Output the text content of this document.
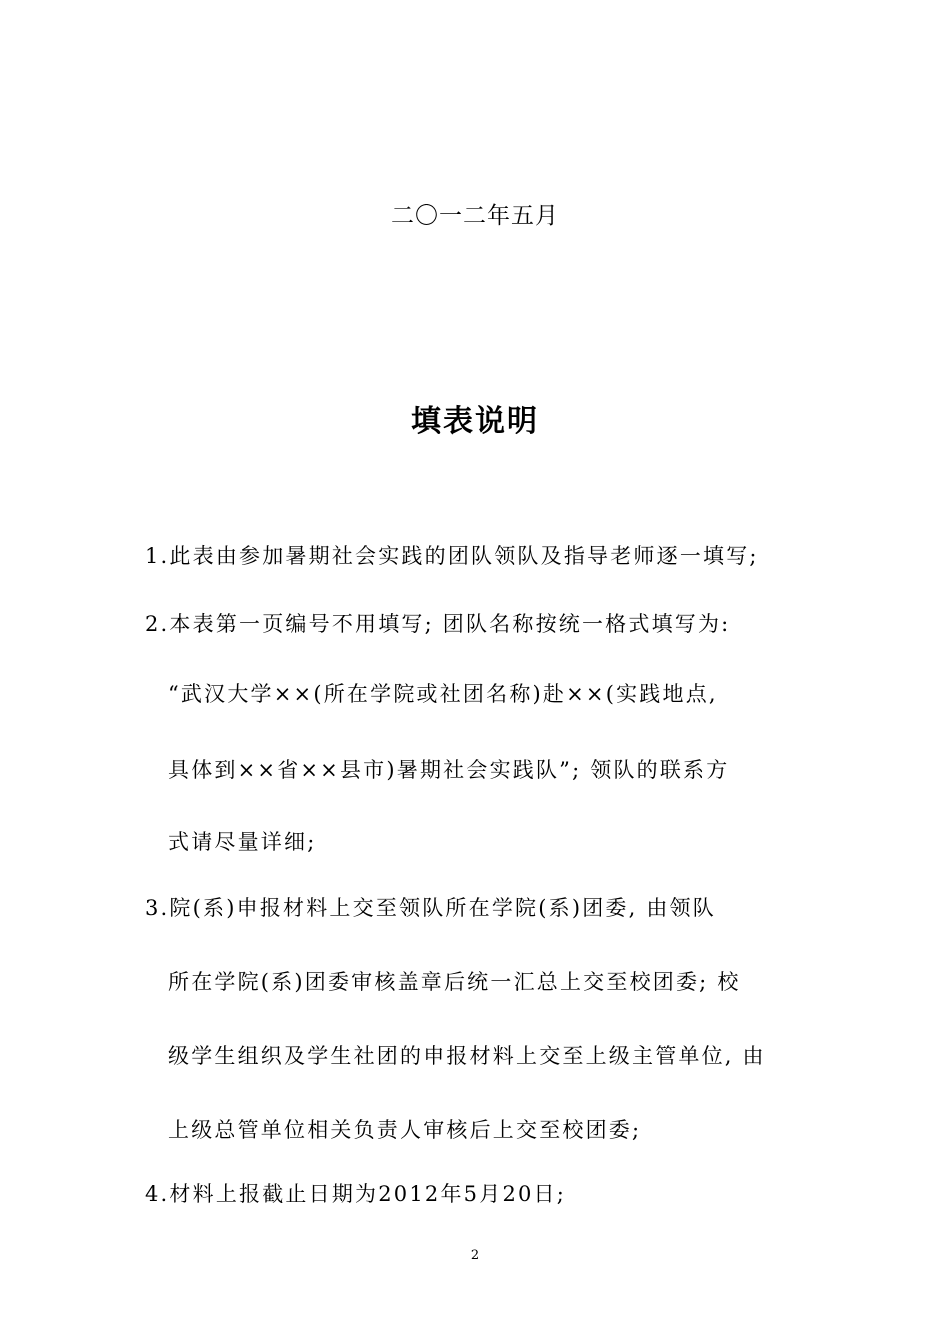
二〇一二年五月
填表说明
1.此表由参加暑期社会实践的团队领队及指导老师逐一填写;
2.本表第一页编号不用填写; 团队名称按统一格式填写为:
“武汉大学××(所在学院或社团名称)赴××(实践地点,
具体到××省××县市)暑期社会实践队”; 领队的联系方
式请尽量详细;
3.院(系)申报材料上交至领队所在学院(系)团委, 由领队
所在学院(系)团委审核盖章后统一汇总上交至校团委; 校
级学生组织及学生社团的申报材料上交至上级主管单位, 由
上级总管单位相关负责人审核后上交至校团委;
4.材料上报截止日期为2012年5月20日;
2
